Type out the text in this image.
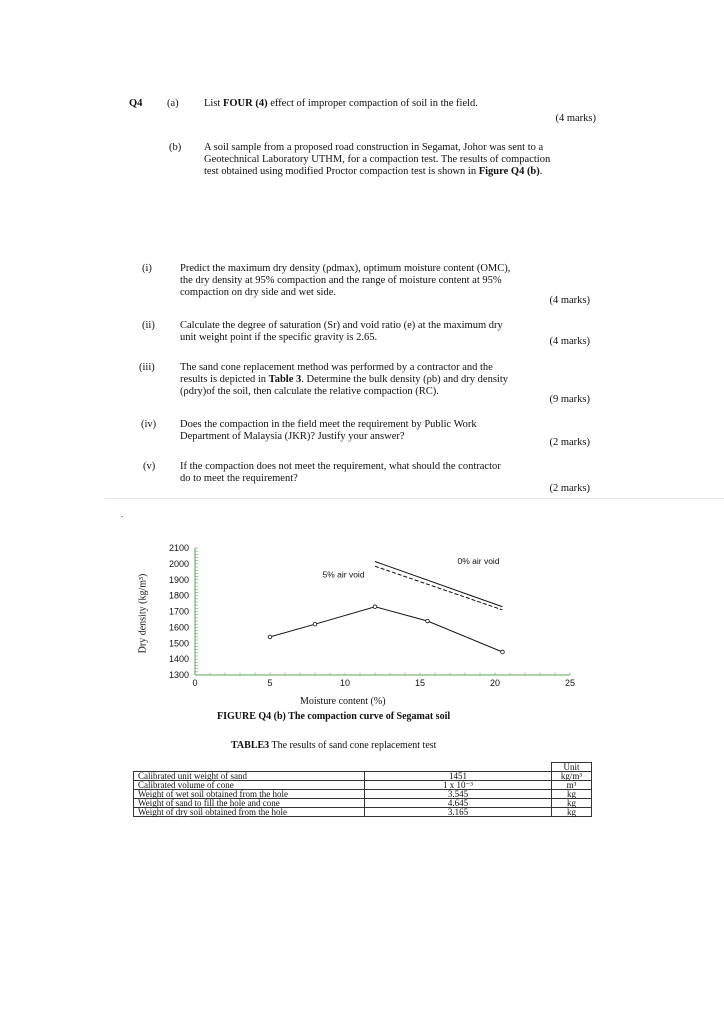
Q4 (a) List FOUR (4) effect of improper compaction of soil in the field.
(4 marks)
(b) A soil sample from a proposed road construction in Segamat, Johor was sent to a
Geotechnical Laboratory UTHM, for a compaction test. The results of compaction
test obtained using modified Proctor compaction test is shown in Figure Q4 (b).
(i)	Predict the maximum dry density (ρdmax), optimum moisture content (OMC),
the dry density at 95% compaction and the range of moisture content at 95%
compaction on dry side and wet side.
(4 marks)
(ii) Calculate the degree of saturation (Sr) and void ratio (e) at the maximum dry
unit weight point if the specific gravity is 2.65.	(4 marks)
(iii) The sand cone replacement method was performed by a contractor and the
results is depicted in Table 3. Determine the bulk density (ρb) and dry density
(ρdry)of the soil, then calculate the relative compaction (RC).
(9 marks)
(iv) Does the compaction in the field meet the requirement by Public Work
Department of Malaysia (JKR)? Justify your answer?
(2 marks)
(v) If the compaction does not meet the requirement, what should the contractor
do to meet the requirement?
(2 marks)
.
1300
1400
1500
1600
1700
1800
1900
2000
2100
0	5	10	15	20	25
0% air void
5% air void
Dry density (kg/m³)
Moisture content (%)
FIGURE Q4 (b) The compaction curve of Segamat soil
TABLE3 The results of sand cone replacement test
		Unit
Calibrated unit weight of sand	1451	kg/m³
Calibrated volume of cone	1 x 10⁻³	m³
Weight of wet soil obtained from the hole	3.545	kg
Weight of sand to fill the hole and cone	4.645	kg
Weight of dry soil obtained from the hole	3.165	kg
